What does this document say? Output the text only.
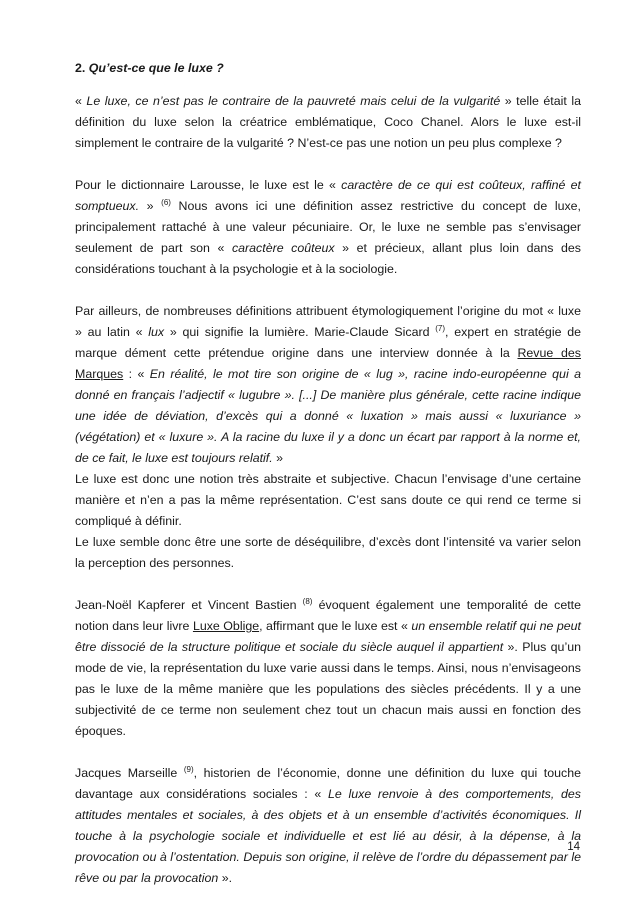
2. Qu’est-ce que le luxe ?

« Le luxe, ce n’est pas le contraire de la pauvreté mais celui de la vulgarité » telle était la définition du luxe selon la créatrice emblématique, Coco Chanel. Alors le luxe est-il simplement le contraire de la vulgarité ? N’est-ce pas une notion un peu plus complexe ?

Pour le dictionnaire Larousse, le luxe est le « caractère de ce qui est coûteux, raffiné et somptueux. » $^{(6)}$ Nous avons ici une définition assez restrictive du concept de luxe, principalement rattaché à une valeur pécuniaire. Or, le luxe ne semble pas s’envisager seulement de part son « caractère coûteux » et précieux, allant plus loin dans des considérations touchant à la psychologie et à la sociologie.

Par ailleurs, de nombreuses définitions attribuent étymologiquement l’origine du mot « luxe » au latin « lux » qui signifie la lumière. Marie-Claude Sicard $^{(7)}$, expert en stratégie de marque dément cette prétendue origine dans une interview donnée à la Revue des Marques : « En réalité, le mot tire son origine de « lug », racine indo-européenne qui a donné en français l’adjectif « lugubre ». [...] De manière plus générale, cette racine indique une idée de déviation, d’excès qui a donné « luxation » mais aussi « luxuriance » (végétation) et « luxure ». A la racine du luxe il y a donc un écart par rapport à la norme et, de ce fait, le luxe est toujours relatif. »

Le luxe est donc une notion très abstraite et subjective. Chacun l’envisage d’une certaine manière et n’en a pas la même représentation. C’est sans doute ce qui rend ce terme si compliqué à définir.

Le luxe semble donc être une sorte de déséquilibre, d’excès dont l’intensité va varier selon la perception des personnes.

Jean-Noël Kapferer et Vincent Bastien $^{(8)}$ évoquent également une temporalité de cette notion dans leur livre Luxe Oblige, affirmant que le luxe est « un ensemble relatif qui ne peut être dissocié de la structure politique et sociale du siècle auquel il appartient ». Plus qu’un mode de vie, la représentation du luxe varie aussi dans le temps. Ainsi, nous n’envisageons pas le luxe de la même manière que les populations des siècles précédents. Il y a une subjectivité de ce terme non seulement chez tout un chacun mais aussi en fonction des époques.

Jacques Marseille $^{(9)}$, historien de l’économie, donne une définition du luxe qui touche davantage aux considérations sociales : « Le luxe renvoie à des comportements, des attitudes mentales et sociales, à des objets et à un ensemble d’activités économiques. Il touche à la psychologie sociale et individuelle et est lié au désir, à la dépense, à la provocation ou à l’ostentation. Depuis son origine, il relève de l’ordre du dépassement par le rêve ou par la provocation ».

14
